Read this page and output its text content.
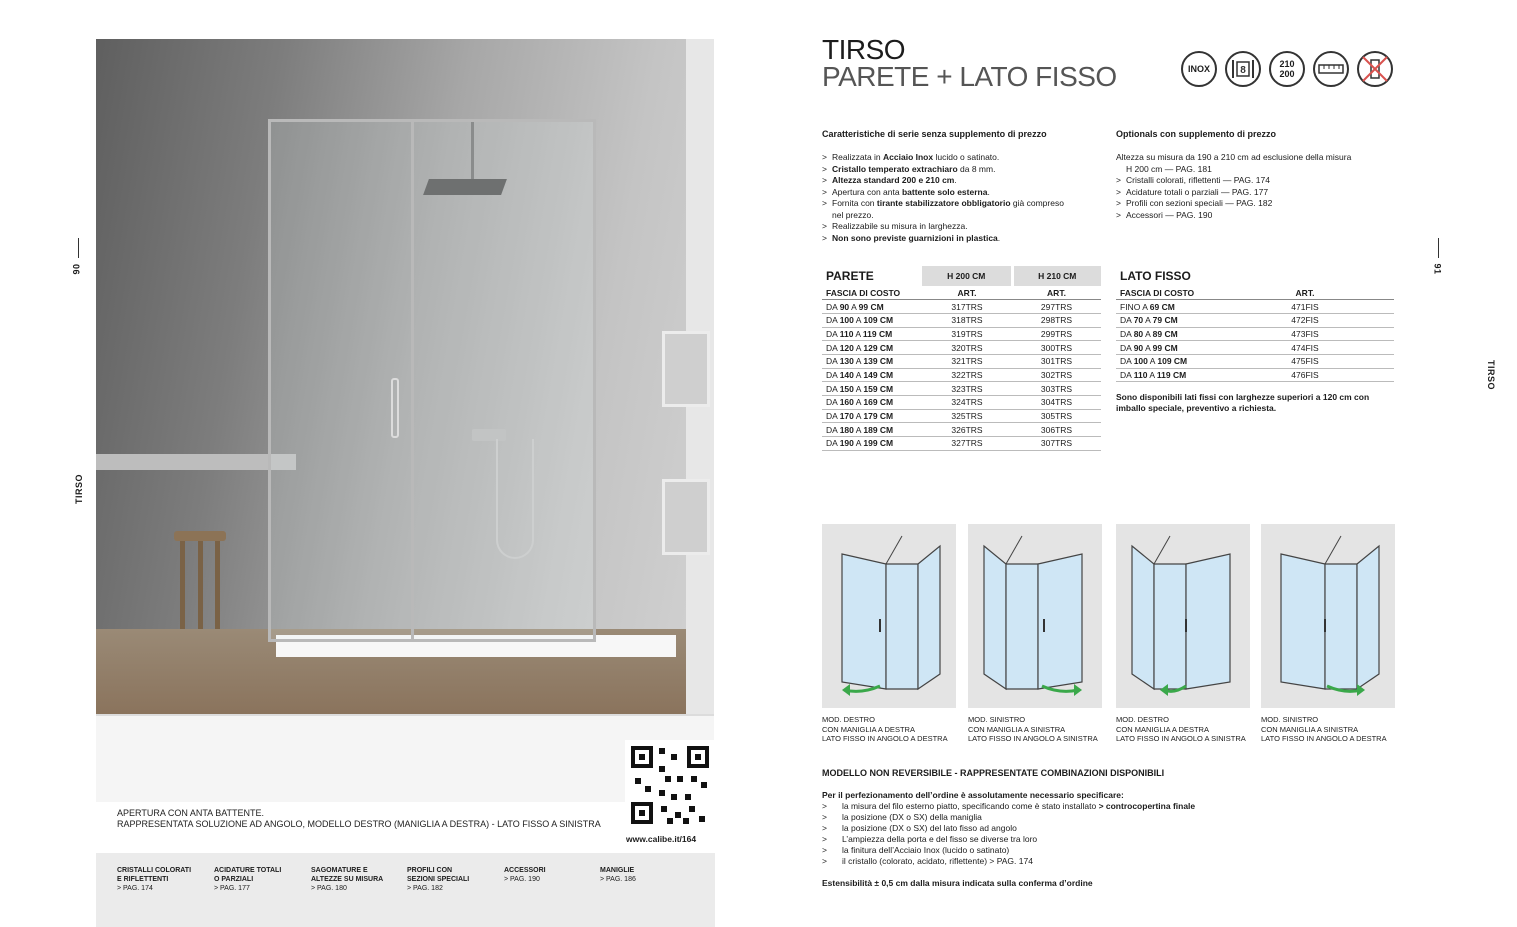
90
TIRSO
www.calibe.it/164
APERTURA CON ANTA BATTENTE.
RAPPRESENTATA SOLUZIONE AD ANGOLO, MODELLO DESTRO (MANIGLIA A DESTRA) - LATO FISSO A SINISTRA
CRISTALLI COLORATI
E RIFLETTENTI
> PAG. 174
ACIDATURE TOTALI
O PARZIALI
> PAG. 177
SAGOMATURE E
ALTEZZE SU MISURA
> PAG. 180
PROFILI CON
SEZIONI SPECIALI
> PAG. 182
ACCESSORI
> PAG. 190
MANIGLIE
> PAG. 186
91
TIRSO
TIRSO
PARETE + LATO FISSO	INOX	8
210
200
Caratteristiche di serie senza supplemento di prezzo
> Realizzata in Acciaio Inox lucido o satinato.
> Cristallo temperato extrachiaro da 8 mm.
> Altezza standard 200 e 210 cm.
> Apertura con anta battente solo esterna.
> Fornita con tirante stabilizzatore obbligatorio già compreso
nel prezzo.
> Realizzabile su misura in larghezza.
> Non sono previste guarnizioni in plastica.
Optionals con supplemento di prezzo
Altezza su misura da 190 a 210 cm ad esclusione della misura
H 200 cm — PAG. 181
> Cristalli colorati, riflettenti — PAG. 174
> Acidature totali o parziali — PAG. 177
> Profili con sezioni speciali — PAG. 182
> Accessori — PAG. 190
PARETE	H 200 CM	H 210 CM
FASCIA DI COSTO	ART.	ART.
DA 90 A 99 CM	317TRS	297TRS
DA 100 A 109 CM	318TRS	298TRS
DA 110 A 119 CM	319TRS	299TRS
DA 120 A 129 CM	320TRS	300TRS
DA 130 A 139 CM	321TRS	301TRS
DA 140 A 149 CM	322TRS	302TRS
DA 150 A 159 CM	323TRS	303TRS
DA 160 A 169 CM	324TRS	304TRS
DA 170 A 179 CM	325TRS	305TRS
DA 180 A 189 CM	326TRS	306TRS
DA 190 A 199 CM	327TRS	307TRS
LATO FISSO	
FASCIA DI COSTO	ART.
FINO A 69 CM	471FIS
DA 70 A 79 CM	472FIS
DA 80 A 89 CM	473FIS
DA 90 A 99 CM	474FIS
DA 100 A 109 CM	475FIS
DA 110 A 119 CM	476FIS
Sono disponibili lati fissi con larghezze superiori a 120 cm con imballo speciale, preventivo a richiesta.
MOD. DESTRO
CON MANIGLIA A DESTRA
LATO FISSO IN ANGOLO A DESTRA
MOD. SINISTRO
CON MANIGLIA A SINISTRA
LATO FISSO IN ANGOLO A SINISTRA
MOD. DESTRO
CON MANIGLIA A DESTRA
LATO FISSO IN ANGOLO A SINISTRA
MOD. SINISTRO
CON MANIGLIA A SINISTRA
LATO FISSO IN ANGOLO A DESTRA
MODELLO NON REVERSIBILE - RAPPRESENTATE COMBINAZIONI DISPONIBILI
Per il perfezionamento dell’ordine è assolutamente necessario specificare:
> la misura del filo esterno piatto, specificando come è stato installato > controcopertina finale
> la posizione (DX o SX) della maniglia
> la posizione (DX o SX) del lato fisso ad angolo
> L’ampiezza della porta e del fisso se diverse tra loro
> la finitura dell’Acciaio Inox (lucido o satinato)
> il cristallo (colorato, acidato, riflettente) > PAG. 174
Estensibilità ± 0,5 cm dalla misura indicata sulla conferma d’ordine
